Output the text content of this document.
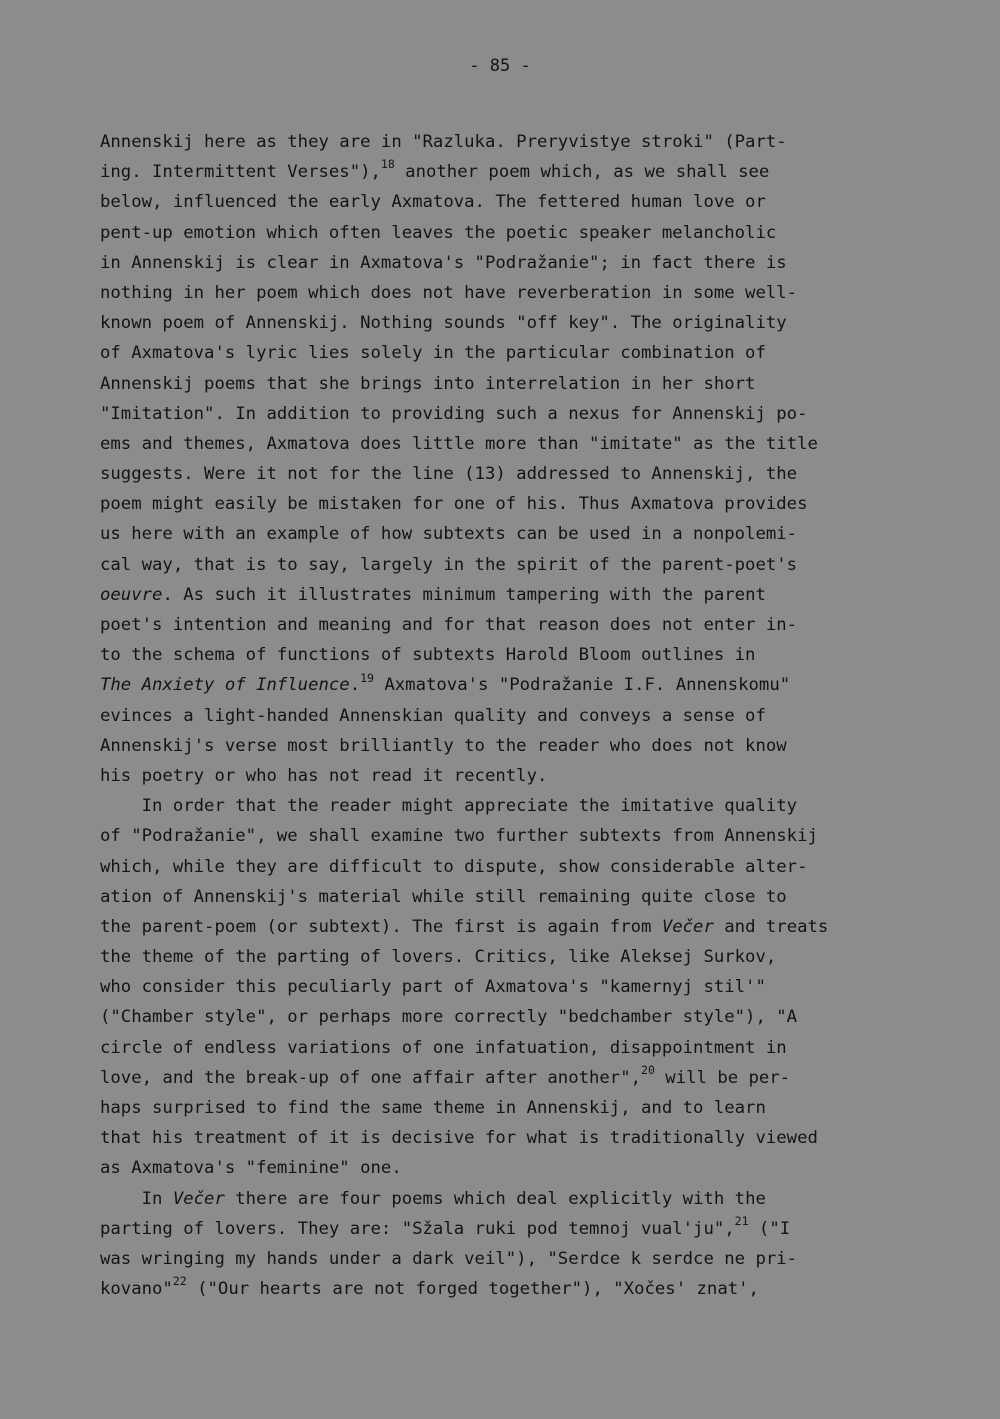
- 85 -
Annenskij here as they are in "Razluka. Preryvistye stroki" (Part-
ing. Intermittent Verses"),$^{18}$ another poem which, as we shall see
below, influenced the early Axmatova. The fettered human love or
pent-up emotion which often leaves the poetic speaker melancholic
in Annenskij is clear in Axmatova's "Podražanie"; in fact there is
nothing in her poem which does not have reverberation in some well-
known poem of Annenskij. Nothing sounds "off key". The originality
of Axmatova's lyric lies solely in the particular combination of
Annenskij poems that she brings into interrelation in her short
"Imitation". In addition to providing such a nexus for Annenskij po-
ems and themes, Axmatova does little more than "imitate" as the title
suggests. Were it not for the line (13) addressed to Annenskij, the
poem might easily be mistaken for one of his. Thus Axmatova provides
us here with an example of how subtexts can be used in a nonpolemi-
cal way, that is to say, largely in the spirit of the parent-poet's
oeuvre. As such it illustrates minimum tampering with the parent
poet's intention and meaning and for that reason does not enter in-
to the schema of functions of subtexts Harold Bloom outlines in
The Anxiety of Influence.$^{19}$ Axmatova's "Podražanie I.F. Annenskomu"
evinces a light-handed Annenskian quality and conveys a sense of
Annenskij's verse most brilliantly to the reader who does not know
his poetry or who has not read it recently.
In order that the reader might appreciate the imitative quality
of "Podražanie", we shall examine two further subtexts from Annenskij
which, while they are difficult to dispute, show considerable alter-
ation of Annenskij's material while still remaining quite close to
the parent-poem (or subtext). The first is again from Večer and treats
the theme of the parting of lovers. Critics, like Aleksej Surkov,
who consider this peculiarly part of Axmatova's "kamernyj stil'"
("Chamber style", or perhaps more correctly "bedchamber style"), "A
circle of endless variations of one infatuation, disappointment in
love, and the break-up of one affair after another",$^{20}$ will be per-
haps surprised to find the same theme in Annenskij, and to learn
that his treatment of it is decisive for what is traditionally viewed
as Axmatova's "feminine" one.
In Večer there are four poems which deal explicitly with the
parting of lovers. They are: "Sžala ruki pod temnoj vual'ju",$^{21}$ ("I
was wringing my hands under a dark veil"), "Serdce k serdce ne pri-
kovano"$^{22}$ ("Our hearts are not forged together"), "Xočes' znat',
